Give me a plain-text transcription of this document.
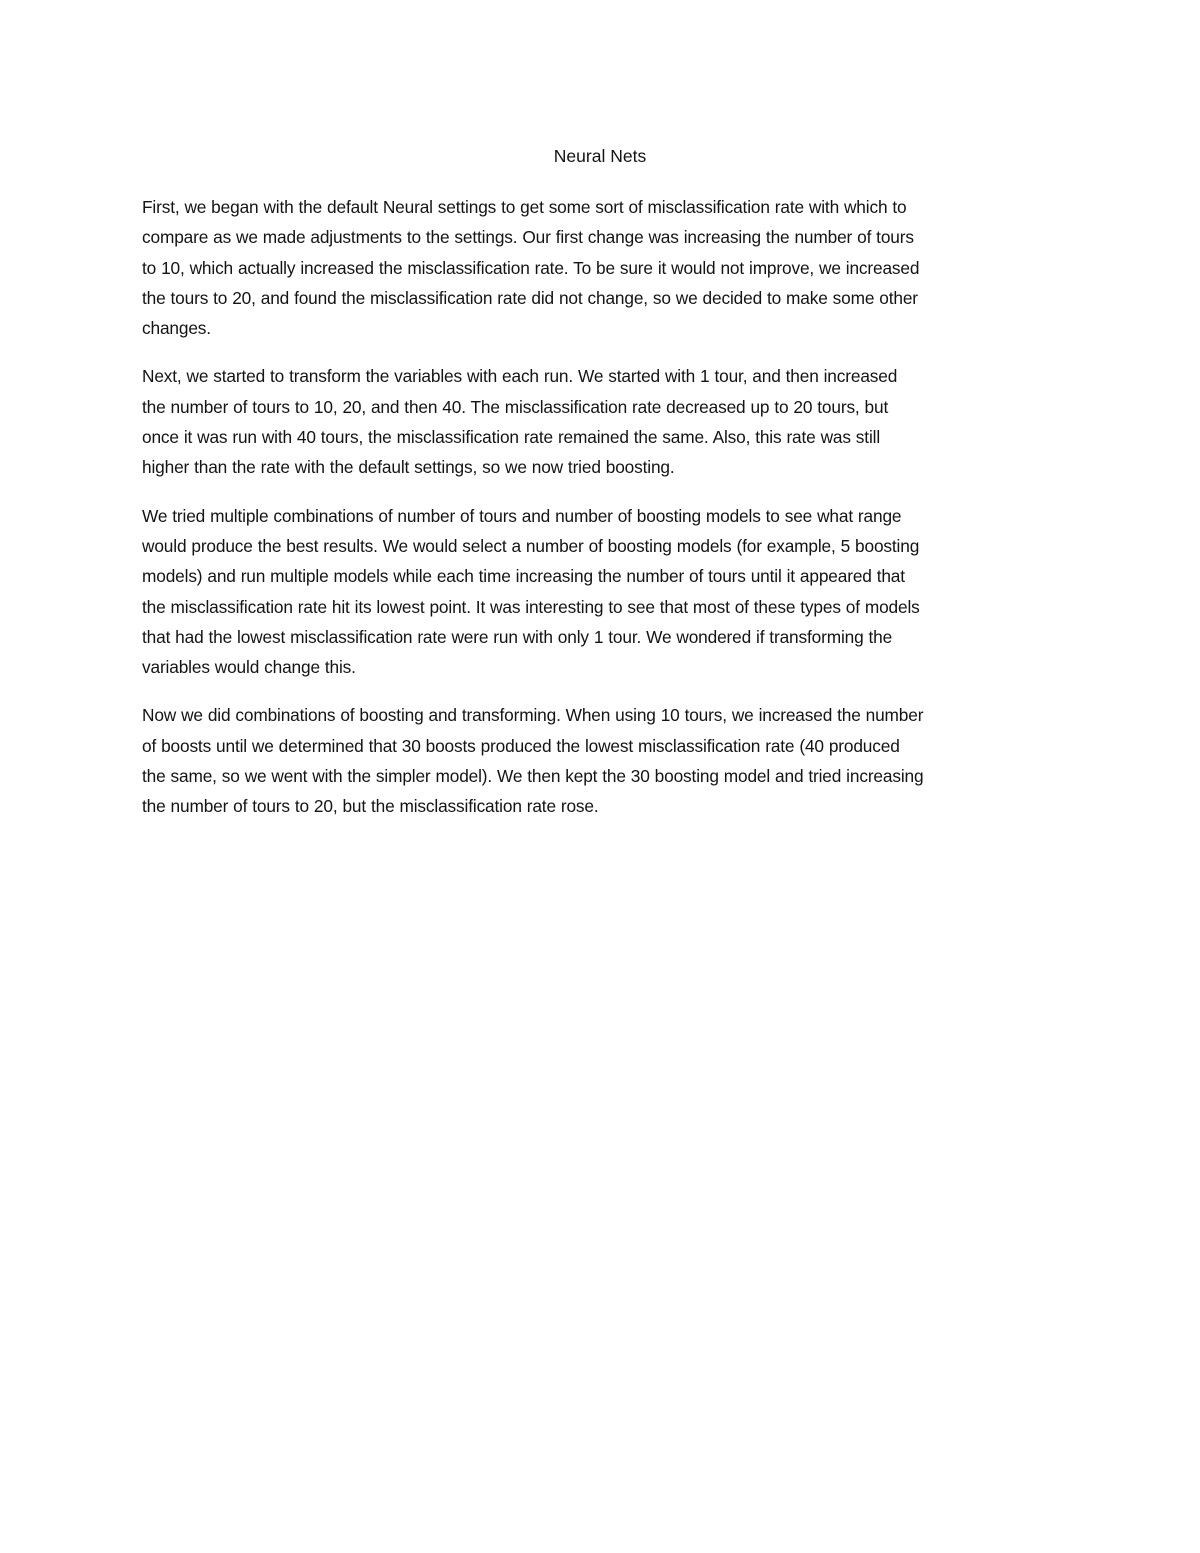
Neural Nets

First, we began with the default Neural settings to get some sort of misclassification rate with which to
compare as we made adjustments to the settings. Our first change was increasing the number of tours
to 10, which actually increased the misclassification rate. To be sure it would not improve, we increased
the tours to 20, and found the misclassification rate did not change, so we decided to make some other
changes.

Next, we started to transform the variables with each run. We started with 1 tour, and then increased
the number of tours to 10, 20, and then 40. The misclassification rate decreased up to 20 tours, but
once it was run with 40 tours, the misclassification rate remained the same. Also, this rate was still
higher than the rate with the default settings, so we now tried boosting.

We tried multiple combinations of number of tours and number of boosting models to see what range
would produce the best results. We would select a number of boosting models (for example, 5 boosting
models) and run multiple models while each time increasing the number of tours until it appeared that
the misclassification rate hit its lowest point. It was interesting to see that most of these types of models
that had the lowest misclassification rate were run with only 1 tour. We wondered if transforming the
variables would change this.

Now we did combinations of boosting and transforming. When using 10 tours, we increased the number
of boosts until we determined that 30 boosts produced the lowest misclassification rate (40 produced
the same, so we went with the simpler model). We then kept the 30 boosting model and tried increasing
the number of tours to 20, but the misclassification rate rose.
